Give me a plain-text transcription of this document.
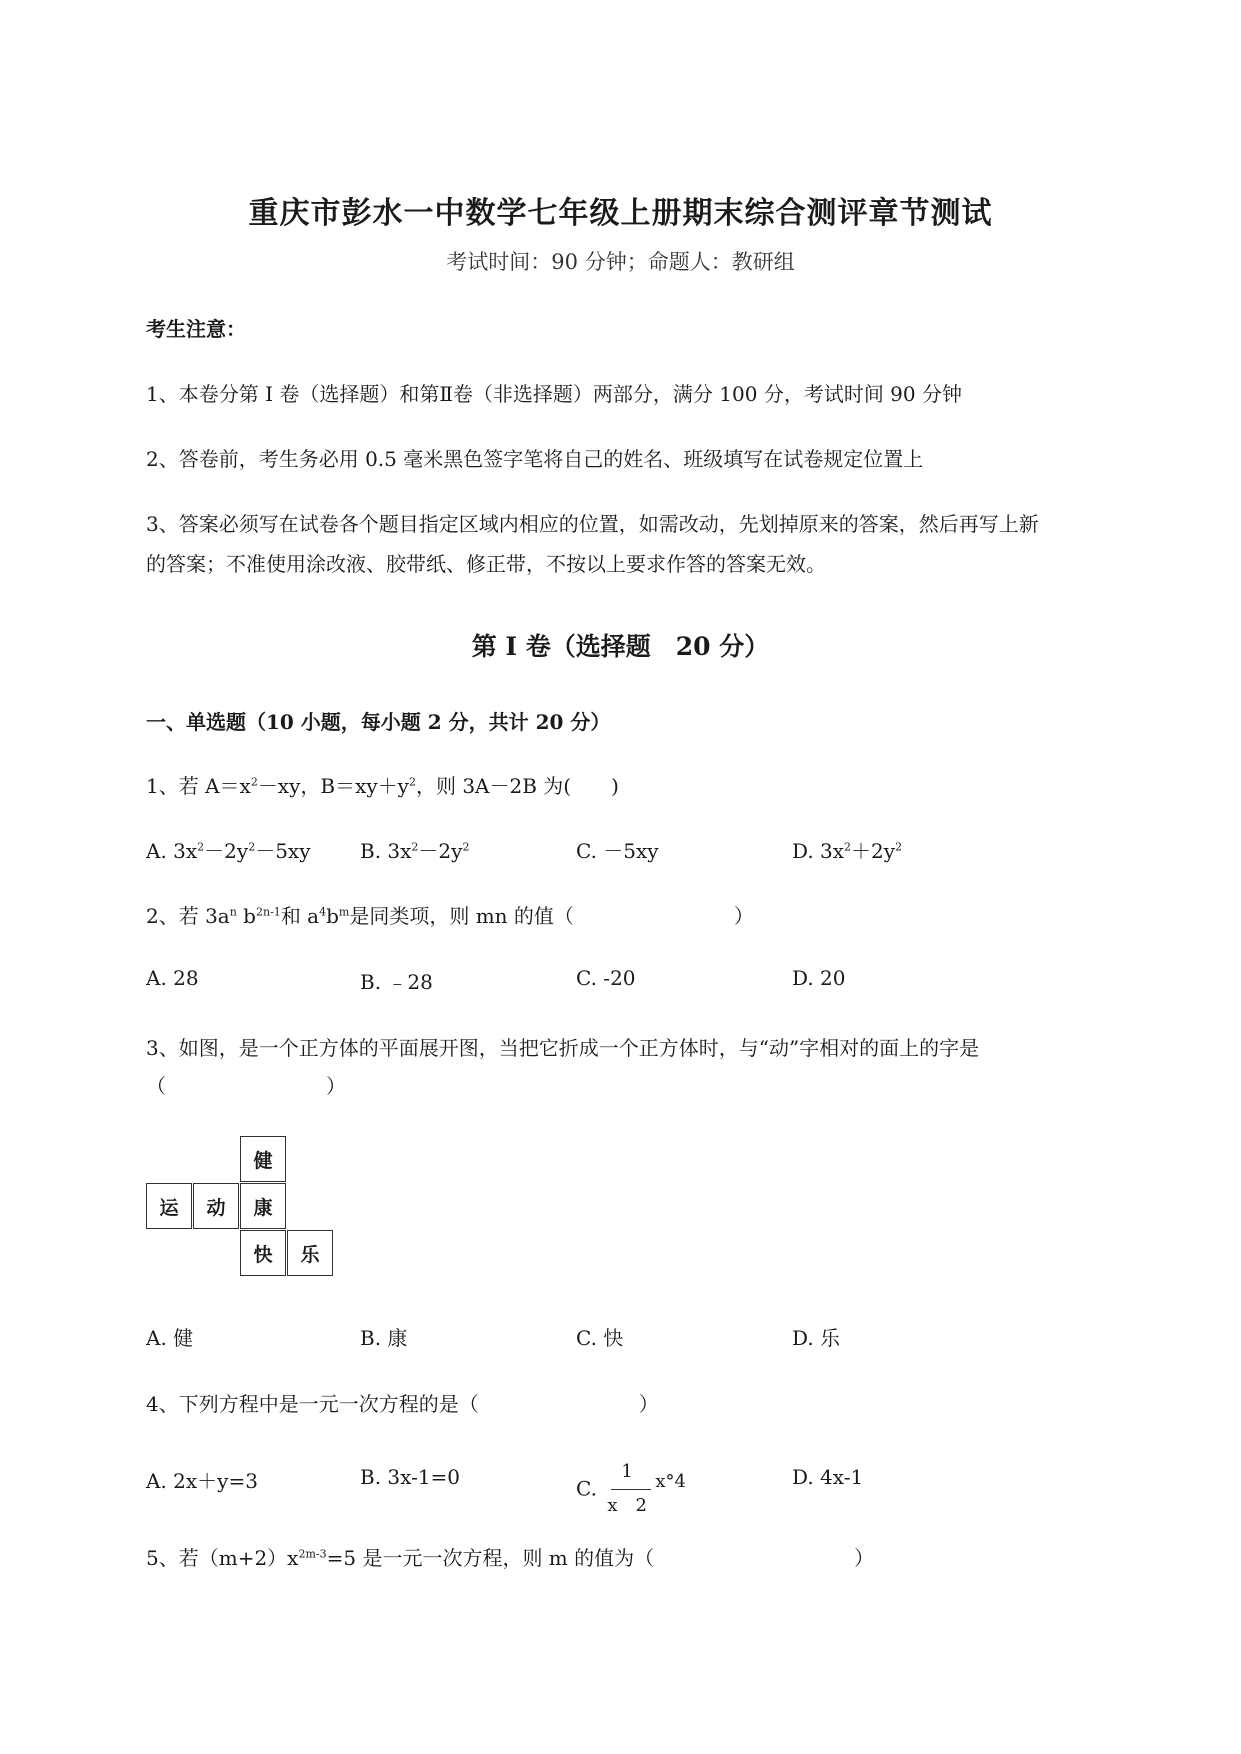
重庆市彭水一中数学七年级上册期末综合测评章节测试
考试时间：90 分钟；命题人：教研组
考生注意：
1、本卷分第 I 卷（选择题）和第Ⅱ卷（非选择题）两部分，满分 100 分，考试时间 90 分钟
2、答卷前，考生务必用 0.5 毫米黑色签字笔将自己的姓名、班级填写在试卷规定位置上
3、答案必须写在试卷各个题目指定区域内相应的位置，如需改动，先划掉原来的答案，然后再写上新
的答案；不准使用涂改液、胶带纸、修正带，不按以上要求作答的答案无效。
第 I 卷（选择题　20 分）
一、单选题（10 小题，每小题 2 分，共计 20 分）
1、若 $A=x^2-xy$，$B=xy+y^2$，则 3A－2B 为(　　)
A. $3x^2-2y^2-5xy$ B. $3x^2-2y^2$	C. －5xy	D. $3x^2+2y^2$
2、若 $3a^n$ $b^{2n-1}$和 $a^4b^m$是同类项，则 mn 的值（　　　　　　　　）
A. 28	B. ﹣28	C. -20	D. 20
3、如图，是一个正方体的平面展开图，当把它折成一个正方体时，与“动”字相对的面上的字是
（　　　　　　　　）
健
运	动	康
快	乐
A. 健	B. 康	C. 快	D. 乐
4、下列方程中是一元一次方程的是（　　　　　　　　）
A. 2x＋y=3	B. 3x-1=0	C.
1
x　2
x°4	D. 4x-1
5、若$(m+2)x^{2m-3}=5$ 是一元一次方程，则 m 的值为（　　　　　　　　　　）
